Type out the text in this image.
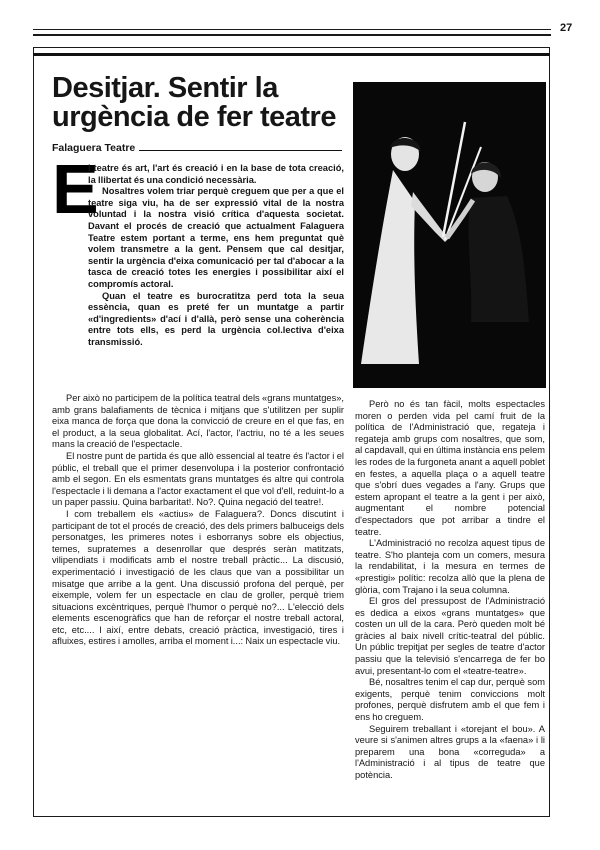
27
Desitjar. Sentir la urgència de fer teatre
Falaguera Teatre
E

l teatre és art, l'art és creació i en la base de tota creació, la llibertat és una condició necessària.

Nosaltres volem triar perquè creguem que per a que el teatre siga viu, ha de ser expressió vital de la nostra voluntad i la nostra visió crítica d'aquesta societat. Davant el procés de creació que actualment Falaguera Teatre estem portant a terme, ens hem preguntat què volem transmetre a la gent. Pensem que cal desitjar, sentir la urgència d'eixa comunicació per tal d'abocar a la tasca de creació totes les energies i possibilitar així el compromís actoral.

Quan el teatre es burocratitza perd tota la seua essència, quan es preté fer un muntatge a partir «d'ingredients» d'ací i d'allà, però sense una coherència entre tots ells, es perd la urgència col.lectiva d'eixa transmissió.

Per això no participem de la política teatral dels «grans muntatges», amb grans balafiaments de tècnica i mitjans que s'utilitzen per suplir eixa manca de força que dona la convicció de creure en el que fas, en el product, a la seua globalitat. Ací, l'actor, l'actriu, no té a les seues mans la creació de l'espectacle.

El nostre punt de partida és que allò essencial al teatre és l'actor i el públic, el treball que el primer desenvolupa i la posterior confrontació amb el segon. En els esmentats grans muntatges és altre qui controla l'espectacle i li demana a l'actor exactament el que vol d'ell, reduint-lo a un paper passiu. Quina barbaritat!. No?. Quina negació del teatre!.

I com treballem els «actius» de Falaguera?. Doncs discutint i participant de tot el procés de creació, des dels primers balbuceigs dels personatges, les primeres notes i esborranys sobre els objectius, temes, supratemes a desenrollar que després seràn matitzats, vilipendiats i modificats amb el nostre treball pràctic... La discusió, experimentació i investigació de les claus que van a possibilitar un misatge que arribe a la gent. Una discussió profona del perquè, per eixemple, volem fer un espectacle en clau de groller, perquè triem situacions excèntriques, perquè l'humor o perquè no?... L'elecció dels elements escenogràfics que han de reforçar el nostre treball actoral, etc, etc.... I així, entre debats, creació pràctica, investigació, tires i afluixes, estires i amolles, arriba el moment i...: Naix un espectacle viu.

Però no és tan fàcil, molts espectacles moren o perden vida pel camí fruit de la política de l'Administració que, regateja i regateja amb grups com nosaltres, que som, al capdavall, qui en última instància ens pelem les rodes de la furgoneta anant a aquell poblet en festes, a aquella plaça o a aquell teatre que s'obrí dues vegades a l'any. Grups que estem apropant el teatre a la gent i per això, augmentant el nombre potencial d'espectadors que pot arribar a tindre el teatre.

L'Administració no recolza aquest tipus de teatre. S'ho planteja com un comers, mesura la rendabilitat, i la mesura en termes de «prestigi» polític: recolza allò que la plena de glòria, com Trajano i la seua columna.

El gros del pressupost de l'Administració es dedica a eixos «grans muntatges» que costen un ull de la cara. Però queden molt bé gràcies al baix nivell crític-teatral del públic. Un públic trepitjat per segles de teatre d'actor passiu que la televisió s'encarrega de fer bo avui, presentant-lo com el «teatre-teatre».

Bé, nosaltres tenim el cap dur, perquè som exigents, perquè tenim conviccions molt profones, perquè disfrutem amb el que fem i ens ho creguem.

Seguirem treballant i «torejant el bou». A veure si s'animen altres grups a la «faena» i li preparem una bona «correguda» a l'Administració i al tipus de teatre que potència.
